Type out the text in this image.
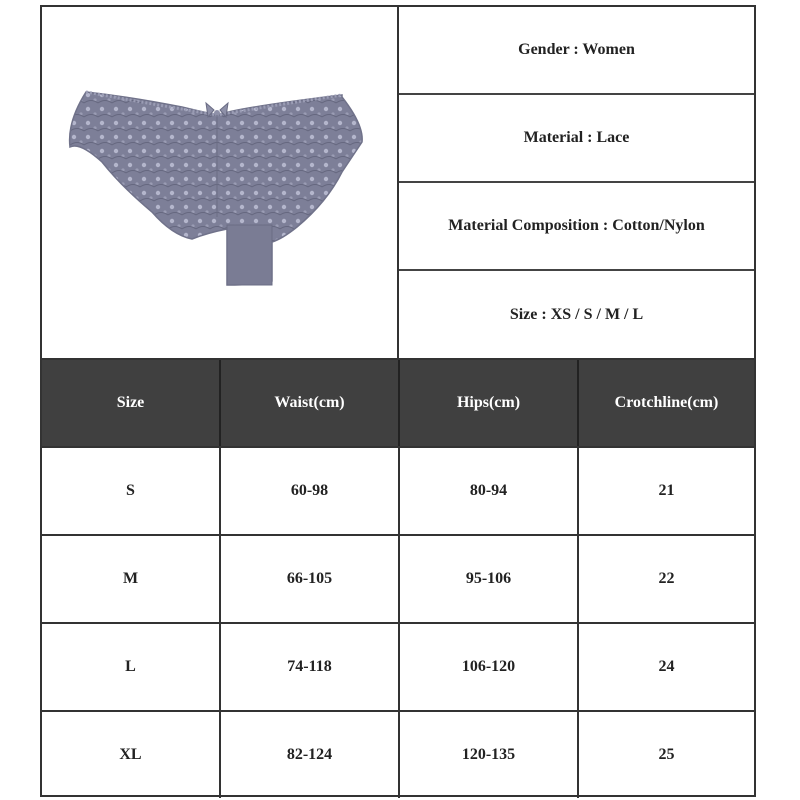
Gender : Women
Material : Lace
Material Composition : Cotton/Nylon
Size : XS / S / M / L
Size	Waist(cm)	Hips(cm)	Crotchline(cm)
S	60-98	80-94	21
M	66-105	95-106	22
L	74-118	106-120	24
XL	82-124	120-135	25
